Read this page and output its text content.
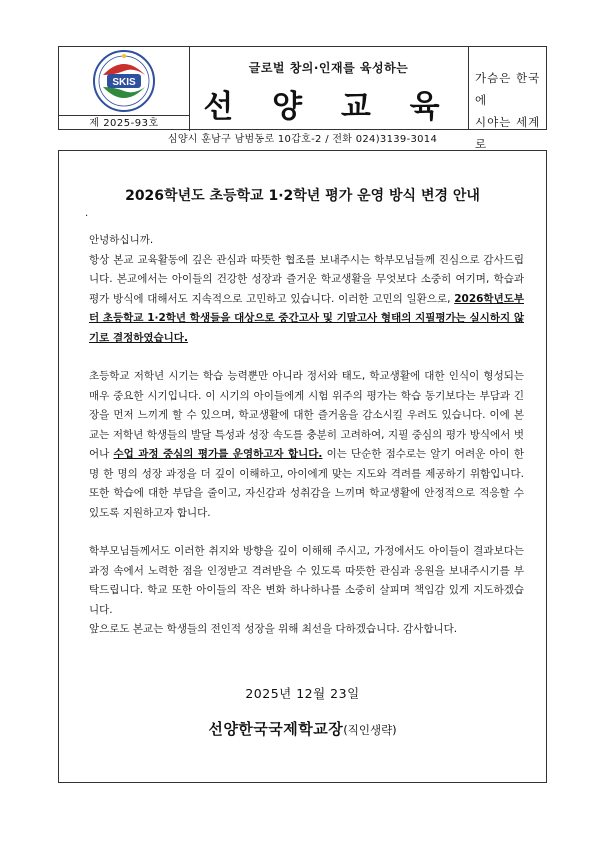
SKIS
제 2025-93호
글로벌 창의·인재를 육성하는
선 양 교 육
가슴은 한국에
시야는 세계로
심양시 훈남구 남범동로 10갑호-2 / 전화 024)3139-3014
2026학년도 초등학교 1·2학년 평가 운영 방식 변경 안내
·

안녕하십니까.

항상 본교 교육활동에 깊은 관심과 따뜻한 협조를 보내주시는 학부모님들께 진심으로 감사드립니다. 본교에서는 아이들의 건강한 성장과 즐거운 학교생활을 무엇보다 소중히 여기며, 학습과 평가 방식에 대해서도 지속적으로 고민하고 있습니다. 이러한 고민의 일환으로, 2026학년도부터 초등학교 1·2학년 학생들을 대상으로 중간고사 및 기말고사 형태의 지필평가는 실시하지 않기로 결정하였습니다.

초등학교 저학년 시기는 학습 능력뿐만 아니라 정서와 태도, 학교생활에 대한 인식이 형성되는 매우 중요한 시기입니다. 이 시기의 아이들에게 시험 위주의 평가는 학습 동기보다는 부담과 긴장을 먼저 느끼게 할 수 있으며, 학교생활에 대한 즐거움을 감소시킬 우려도 있습니다. 이에 본교는 저학년 학생들의 발달 특성과 성장 속도를 충분히 고려하여, 지필 중심의 평가 방식에서 벗어나 수업 과정 중심의 평가를 운영하고자 합니다. 이는 단순한 점수로는 알기 어려운 아이 한 명 한 명의 성장 과정을 더 깊이 이해하고, 아이에게 맞는 지도와 격려를 제공하기 위함입니다. 또한 학습에 대한 부담을 줄이고, 자신감과 성취감을 느끼며 학교생활에 안정적으로 적응할 수 있도록 지원하고자 합니다.

학부모님들께서도 이러한 취지와 방향을 깊이 이해해 주시고, 가정에서도 아이들이 결과보다는 과정 속에서 노력한 점을 인정받고 격려받을 수 있도록 따뜻한 관심과 응원을 보내주시기를 부탁드립니다. 학교 또한 아이들의 작은 변화 하나하나를 소중히 살피며 책임감 있게 지도하겠습니다.

앞으로도 본교는 학생들의 전인적 성장을 위해 최선을 다하겠습니다. 감사합니다.

2025년 12월 23일
선양한국국제학교장(직인생략)
